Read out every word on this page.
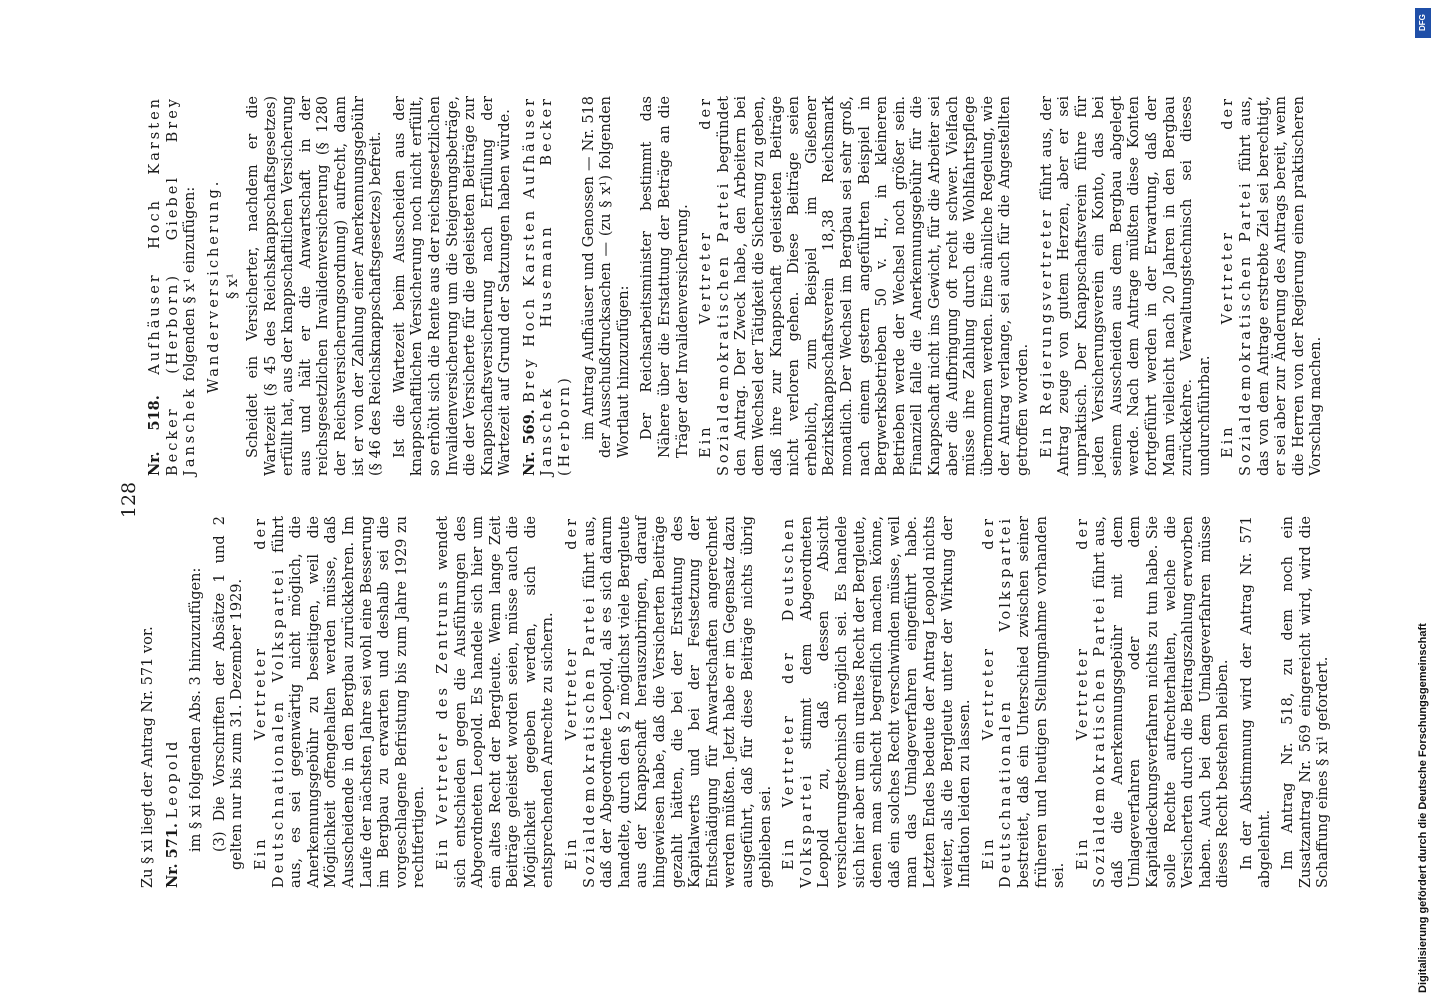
128

Zu § xi liegt der Antrag Nr. 571 vor. Nr. 571. Leopold im § xi folgenden Abs. 3 hinzuzufügen: (3) Die Vorschriften der Absätze 1 und 2 gelten nur bis zum 31. Dezember 1929. Ein Vertreter der Deutschnationalen Volkspartei führt aus, es sei gegenwärtig nicht möglich, die Anerkennungsgebühr zu beseitigen, weil die Möglichkeit offengehalten werden müsse, daß Ausscheidende in den Bergbau zurückkehren. Im Laufe der nächsten Jahre sei wohl eine Besserung im Bergbau zu erwarten und deshalb sei die vorgeschlagene Befristung bis zum Jahre 1929 zu rechtfertigen. Ein Vertreter des Zentrums wendet sich entschieden gegen die Ausführungen des Abgeordneten Leopold. Es handele sich hier um ein altes Recht der Bergleute. Wenn lange Zeit Beiträge geleistet worden seien, müsse auch die Möglichkeit gegeben werden, sich die entsprechenden Anrechte zu sichern. Ein Vertreter der Sozialdemokratischen Partei führt aus, daß der Abgeordnete Leopold, als es sich darum handelte, durch den § 2 möglichst viele Bergleute aus der Knappschaft herauszubringen, darauf hingewiesen habe, daß die Versicherten Beiträge gezahlt hätten, die bei der Erstattung des Kapitalwerts und bei der Festsetzung der Entschädigung für Anwartschaften angerechnet werden müßten. Jetzt habe er im Gegensatz dazu ausgeführt, daß für diese Beiträge nichts übrig geblieben sei. Ein Vertreter der Deutschen Volkspartei stimmt dem Abgeordneten Leopold zu, daß dessen Absicht versicherungstechnisch möglich sei. Es handele sich hier aber um ein uraltes Recht der Bergleute, denen man schlecht begreiflich machen könne, daß ein solches Recht verschwinden müsse, weil man das Umlageverfahren eingeführt habe. Letzten Endes bedeute der Antrag Leopold nichts weiter, als die Bergleute unter der Wirkung der Inflation leiden zu lassen. Ein Vertreter der Deutschnationalen Volkspartei bestreitet, daß ein Unterschied zwischen seiner früheren und heutigen Stellungnahme vorhanden sei.

Ein Vertreter der Sozialdemokratischen Partei führt aus, daß die Anerkennungsgebühr mit dem Umlageverfahren oder dem Kapitaldeckungsverfahren nichts zu tun habe. Sie solle Rechte aufrechterhalten, welche die Versicherten durch die Beitragszahlung erworben haben. Auch bei dem Umlageverfahren müsse dieses Recht bestehen bleiben. In der Abstimmung wird der Antrag Nr. 571 abgelehnt. Im Antrag Nr. 518, zu dem noch ein Zusatzantrag Nr. 569 eingereicht wird, wird die Schaffung eines § xi¹ gefordert.

Nr. 518. Aufhäuser Hoch Karsten Becker (Herborn) Giebel Brey Janschek folgenden § x¹ einzufügen: Wanderversicherung. § x¹ Scheidet ein Versicherter, nachdem er die Wartezeit (§ 45 des Reichsknappschaftsgesetzes) erfüllt hat, aus der knappschaftlichen Versicherung aus und hält er die Anwartschaft in der reichsgesetzlichen Invalidenversicherung (§ 1280 der Reichsversicherungsordnung) aufrecht, dann ist er von der Zahlung einer Anerkennungsgebühr (§ 46 des Reichsknappschaftsgesetzes) befreit. Ist die Wartezeit beim Ausscheiden aus der knappschaftlichen Versicherung noch nicht erfüllt, so erhöht sich die Rente aus der reichsgesetzlichen Invalidenversicherung um die Steigerungsbeträge, die der Versicherte für die geleisteten Beiträge zur Knappschaftsversicherung nach Erfüllung der Wartezeit auf Grund der Satzungen haben würde. Nr. 569. Brey Hoch Karsten Aufhäuser Janschek Husemann Becker (Herborn) im Antrag Aufhäuser und Genossen — Nr. 518 der Ausschußdrucksachen — (zu § x¹) folgenden Wortlaut hinzuzufügen: Der Reichsarbeitsminister bestimmt das Nähere über die Erstattung der Beträge an die Träger der Invalidenversicherung. Ein Vertreter der Sozialdemokratischen Partei begründet den Antrag. Der Zweck habe, den Arbeitern bei dem Wechsel der Tätigkeit die Sicherung zu geben, daß ihre zur Knappschaft geleisteten Beiträge nicht verloren gehen. Diese Beiträge seien erheblich, zum Beispiel im Gießener Bezirksknappschaftsverein 18,38 Reichsmark monatlich. Der Wechsel im Bergbau sei sehr groß, nach einem gestern angeführten Beispiel in Bergwerksbetrieben 50 v. H., in kleineren Betrieben werde der Wechsel noch größer sein. Finanziell falle die Anerkennungsgebühr für die Knappschaft nicht ins Gewicht, für die Arbeiter sei aber die Aufbringung oft recht schwer. Vielfach müsse ihre Zahlung durch die Wohlfahrtspflege übernommen werden. Eine ähnliche Regelung, wie der Antrag verlange, sei auch für die Angestellten getroffen worden. Ein Regierungsvertreter führt aus, der Antrag zeuge von gutem Herzen, aber er sei unpraktisch. Der Knappschaftsverein führe für jeden Versicherungsverein ein Konto, das bei seinem Ausscheiden aus dem Bergbau abgelegt werde. Nach dem Antrage müßten diese Konten fortgeführt werden in der Erwartung, daß der Mann vielleicht nach 20 Jahren in den Bergbau zurückkehre. Verwaltungstechnisch sei dieses undurchführbar. Ein Vertreter der Sozialdemokratischen Partei führt aus, das von dem Antrage erstrebte Ziel sei berechtigt, er sei aber zur Änderung des Antrags bereit, wenn die Herren von der Regierung einen praktischeren Vorschlag machen.

DFG
Digitalisierung gefördert durch die Deutsche Forschungsgemeinschaft
